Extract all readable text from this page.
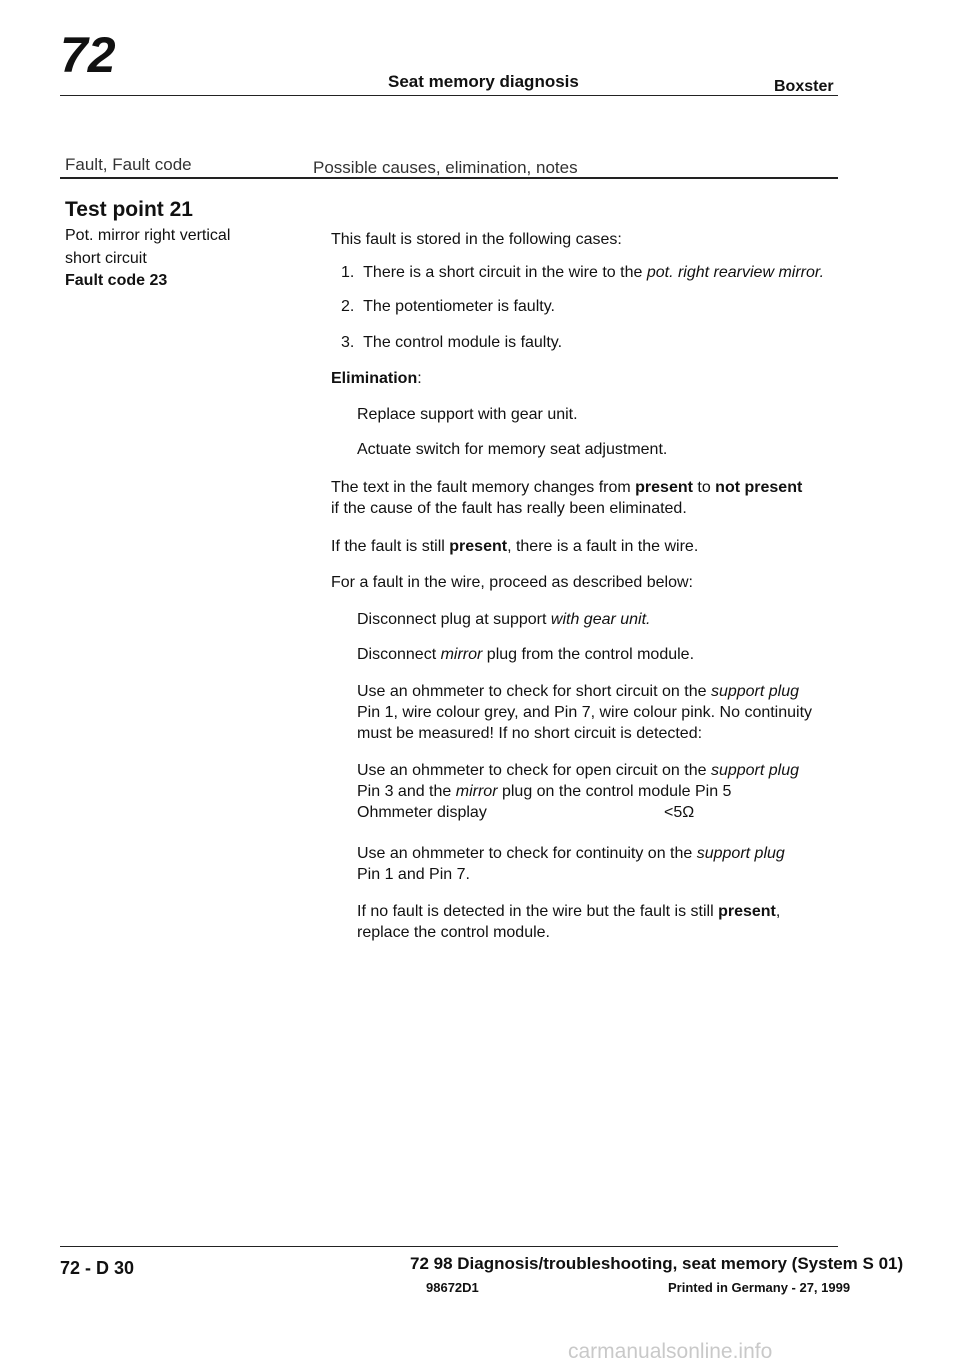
72	Seat memory diagnosis	Boxster
Fault, Fault code	Possible causes, elimination, notes
Test point 21
Pot. mirror right vertical
short circuit
Fault code 23
This fault is stored in the following cases:
1. There is a short circuit in the wire to the pot. right rearview mirror.
2. The potentiometer is faulty.
3. The control module is faulty.
Elimination:
Replace support with gear unit.
Actuate switch for memory seat adjustment.
The text in the fault memory changes from present to not present
if the cause of the fault has really been eliminated.
If the fault is still present, there is a fault in the wire.
For a fault in the wire, proceed as described below:
Disconnect plug at support with gear unit.
Disconnect mirror plug from the control module.
Use an ohmmeter to check for short circuit on the support plug
Pin 1, wire colour grey, and Pin 7, wire colour pink. No continuity
must be measured! If no short circuit is detected:
Use an ohmmeter to check for open circuit on the support plug
Pin 3 and the mirror plug on the control module Pin 5
Ohmmeter display	<5Ω
Use an ohmmeter to check for continuity on the support plug
Pin 1 and Pin 7.
If no fault is detected in the wire but the fault is still present,
replace the control module.
72 - D 30	72 98 Diagnosis/troubleshooting, seat memory (System S 01)
98672D1	Printed in Germany - 27, 1999
carmanualsonline.info
